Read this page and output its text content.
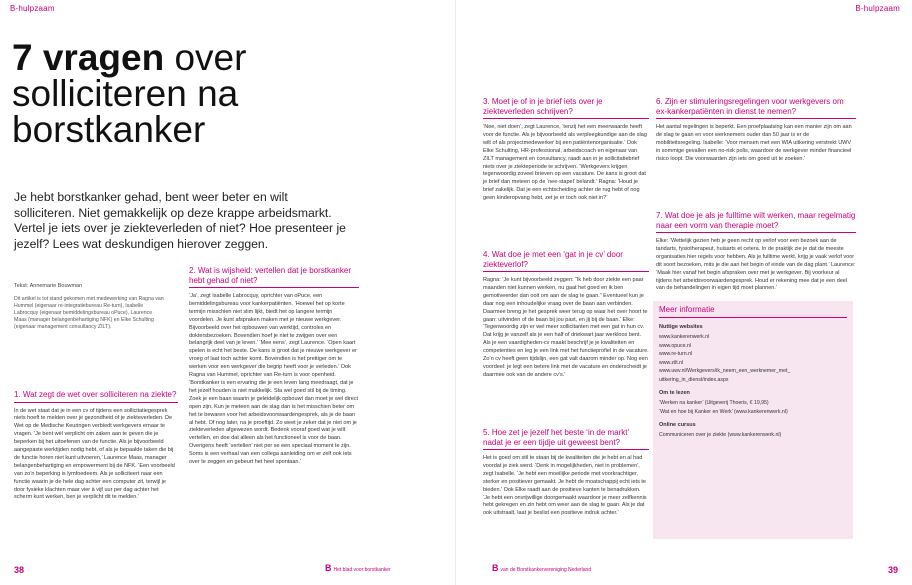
B-hulpzaam
7 vragen over solliciteren na borstkanker

Je hebt borstkanker gehad, bent weer beter en wilt solliciteren. Niet gemakkelijk op deze krappe arbeidsmarkt. Vertel je iets over je ziekteverleden of niet? Hoe presenteer je jezelf? Lees wat deskundigen hierover zeggen.

Tekst: Annemarie Bouwman
Dit artikel is tot stand gekomen met medewerking van Ragna van Hummel (eigenaar re-integratiebureau Re-turn), Isabelle Labrocquy (eigenaar bemiddelingsbureau oPuce), Laurence Maas (manager belangenbehartiging NFK) en Elke Schulting (eigenaar management consultancy ZILT).
1. Wat zegt de wet over solliciteren na ziekte?

In de wet staat dat je in een cv of tijdens een sollicitatiegesprek niets hoeft te melden over je gezondheid of je ziekteverleden. De Wet op de Medische Keuringen verbiedt werkgevers ernaar te vragen. ‘Je bent wél verplicht om zaken aan te geven die je beperken bij het uitoefenen van de functie. Als je bijvoorbeeld aangepaste werktijden nodig hebt, of als je bepaalde taken die bij de functie horen niet kunt uitvoeren,’ Laurence Maas, manager belangenbehartiging en empowerment bij de NFK. ‘Een voorbeeld van zo’n beperking is lymfoedeem. Als je solliciteert naar een functie waarin je de hele dag achter een computer zit, terwijl je door fysieke klachten maar vier à vijf uur per dag achter het scherm kunt werken, ben je verplicht dit te melden.’

2. Wat is wijsheid: vertellen dat je borstkanker hebt gehad of niet?

‘Ja’, zegt Isabelle Labrocquy, oprichter van oPuce, een bemiddelingsbureau voor kankerpatiënten. ‘Hoewel het op korte termijn misschien niet slim lijkt, biedt het op langere termijn voordelen. Je kunt afspraken maken met je nieuwe werkgever. Bijvoorbeeld over het opbouwen van werktijd, controles en doktersbezoeken. Bovendien hoef je niet te zwijgen over een belangrijk deel van je leven.’ ‘Mee eens’, zegt Laurence. ‘Open kaart spelen is echt het beste. De kans is groot dat je nieuwe werkgever er vroeg of laat toch achter komt. Bovendien is het prettiger om te werken voor een werkgever die begrip heeft voor je verleden.’ Ook Ragna van Hummel, oprichter van Re-turn is voor openheid. ‘Borstkanker is een ervaring die je een leven lang meedraagt, dat je het jezelf houden is niet makkelijk. Sta wel goed stil bij de timing. Zoek je een baan waarin je geleidelijk opbouwt dan moet je wel direct open zijn. Kun je meteen aan de slag dan is het misschien beter om het te bewaren voor het arbeidsvoorwaardengesprek, als je de baan al hebt. Of nog later, na je proeftijd. Zo weet je zeker dat je niet om je ziekteverleden afgewezen wordt. Bedenk vooraf goed wat je wilt vertellen, en doe dat alleen als het functioneel is voor de baan. Overigens heeft ‘vertellen’ niet per se een speciaal moment te zijn. Soms is een verhaal van een collega aanleiding om er zelf ook iets over te zeggen en gebeurt het heel spontaan.’

38	B Het blad voor borstkanker
B-hulpzaam
3. Moet je of in je brief iets over je ziekteverleden schrijven?

‘Nee, niet doen’, zegt Laurence, ‘tenzij het een meerwaarde heeft voor de functie. Als je bijvoorbeeld als verpleegkundige aan de slag wilt of als projectmedewerker bij een patiëntenorganisatie.’ Ook Elke Schulting, HR-professional, arbeidscoach en eigenaar van ZILT management en consultancy, raadt aan in je sollicitatiebrief niets over je ziekteperiode te schrijven. ‘Werkgevers krijgen tegenwoordig zoveel brieven op een vacature. De kans is groot dat je brief dan meteen op de ‘nee-stapel’ belandt.’ Ragna: ‘Houd je brief zakelijk. Dat je een echtscheiding achter de rug hebt of nog geen kinderopvang hebt, zet je er toch ook niet in?’

4. Wat doe je met een ‘gat in je cv’ door ziekteverlof?

Ragna: ‘Je kunt bijvoorbeeld zeggen: “Ik heb door ziekte een paar maanden niet kunnen werken, nu gaat het goed en ik ben gemotiveerder dan ooit om aan de slag te gaan.” Eventueel kun je daar nog een inhoudelijke vraag over de baan aan verbinden. Daarmee breng je het gesprek weer terug op waar het over hoort te gaan: uitvinden of de baan bij jou past, en jij bij de baan.’ Elke: ‘Tegenwoordig zijn er wel meer sollicitanten met een gat in hun cv. Dat krijg je vanzelf als je een half of driekwart jaar werkloos bent. Als je een vaardigheden-cv maakt beschrijf je je kwaliteiten en competenties en leg je een link met het functieprofiel in de vacature. Zo’n cv heeft geen tijdslijn, een gat valt daarom minder op. Nog een voordeel: je legt een betere link met de vacature en onderscheidt je daarmee ook van de andere cv’s.’

5. Hoe zet je jezelf het beste ‘in de markt’ nadat je er een tijdje uit geweest bent?

Het is goed om stil te staan bij de kwaliteiten die je hebt en al had voordat je ziek werd. ‘Denk in mogelijkheden, niet in problemen’, zegt Isabelle. ‘Je hebt een moeilijke periode met voorkrachtiger, sterker en positiever gemaakt. Je hebt de moatschappij echt iets te bieden.’ Ook Elke raadt aan de positieve kanten te benadrukken. ‘Je hebt een onvrijwillige doorgemaakt waardoor je meer zelfkennis hebt gekregen en zin hebt om weer aan de slag te gaan. Als je dat ook uitstraalt, laat je beslist een positieve indruk achter.’

6. Zijn er stimuleringsregelingen voor werkgevers om ex-kankerpatiënten in dienst te nemen?

Het aantal regelingen is beperkt. Een proefplaatsing kan een manier zijn om aan de slag te gaan en voor werknemers ouder dan 50 jaar is er de mobiliteitsregeling. Isabelle: ‘Voor mensen met een WIA uitkering verstrekt UWV in sommige gevallen een no-risk polis, waardoor de werkgever minder financieel risico loopt. Die voorwaarden zijn iets om goed uit te zoeken.’

7. Wat doe je als je fulltime wilt werken, maar regelmatig naar een vorm van therapie moet?

Elke: ‘Wettelijk gezien heb je geen recht op verlof voor een bezoek aan de tandarts, fysiotherapeut, huisarts et cetera. In de praktijk zie je dat de meeste organisaties hier regels voor hebben. Als je fulltime werkt, krijg je vaak verlof voor dit soort bezoeken, mits je die aan het begin of einde van de dag plant.’ Laurence: ‘Maak hier vanaf het begin afspraken over met je werkgever. Bij voorkeur al tijdens het arbeidsvoorwaardengesprek. Houd er rekening mee dat je een deel van de behandelingen in eigen tijd moet plannen.’

Bvan de Borstkankervereniging Nederland	39
Meer informatie
Nuttige websites
www.kankerenwerk.nl
www.opuce.nl
www.re-turn.nl
www.zilt.nl
www.uwv.nl/Werkgevers/ik_neem_een_werknemer_met_
uitkering_in_dienst/index.aspx
Om te lezen
‘Werken na kanker’ (Uitgeverij Thoeris, € 19,95)
‘Wat en hoe bij Kanker en Werk’ (www.kankerenwerk.nl)
Online cursus
Communiceren over je ziekte (www.kankerenwerk.nl)
